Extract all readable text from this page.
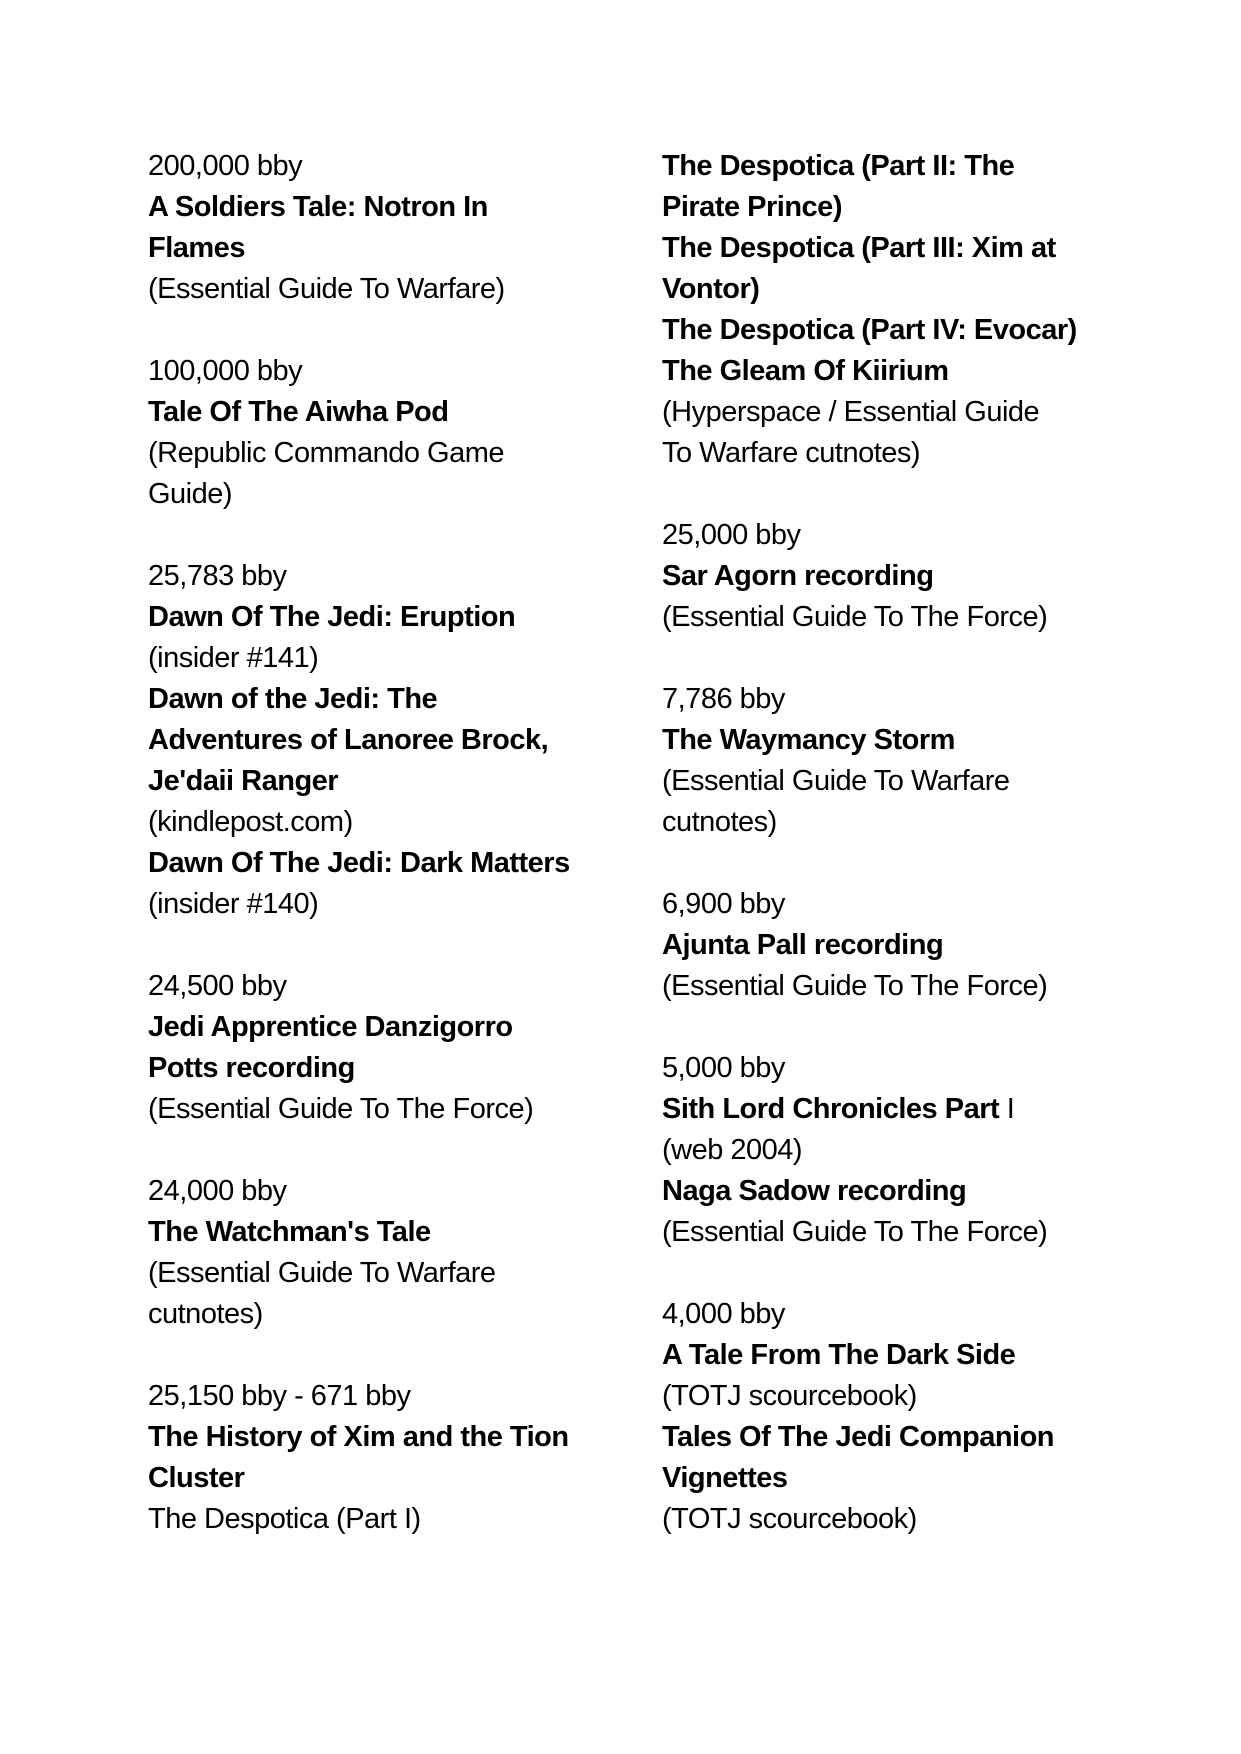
200,000 bby
A Soldiers Tale: Notron In
Flames
(Essential Guide To Warfare)

100,000 bby
Tale Of The Aiwha Pod
(Republic Commando Game
Guide)

25,783 bby
Dawn Of The Jedi: Eruption
(insider #141)
Dawn of the Jedi: The
Adventures of Lanoree Brock,
Je'daii Ranger
(kindlepost.com)
Dawn Of The Jedi: Dark Matters
(insider #140)

24,500 bby
Jedi Apprentice Danzigorro
Potts recording
(Essential Guide To The Force)

24,000 bby
The Watchman's Tale
(Essential Guide To Warfare
cutnotes)

25,150 bby - 671 bby
The History of Xim and the Tion
Cluster
The Despotica (Part I)
The Despotica (Part II: The
Pirate Prince)
The Despotica (Part III: Xim at
Vontor)
The Despotica (Part IV: Evocar)
The Gleam Of Kiirium
(Hyperspace / Essential Guide
To Warfare cutnotes)

25,000 bby
Sar Agorn recording
(Essential Guide To The Force)

7,786 bby
The Waymancy Storm
(Essential Guide To Warfare
cutnotes)

6,900 bby
Ajunta Pall recording
(Essential Guide To The Force)

5,000 bby
Sith Lord Chronicles Part I
(web 2004)
Naga Sadow recording
(Essential Guide To The Force)

4,000 bby
A Tale From The Dark Side
(TOTJ scourcebook)
Tales Of The Jedi Companion
Vignettes
(TOTJ scourcebook)
